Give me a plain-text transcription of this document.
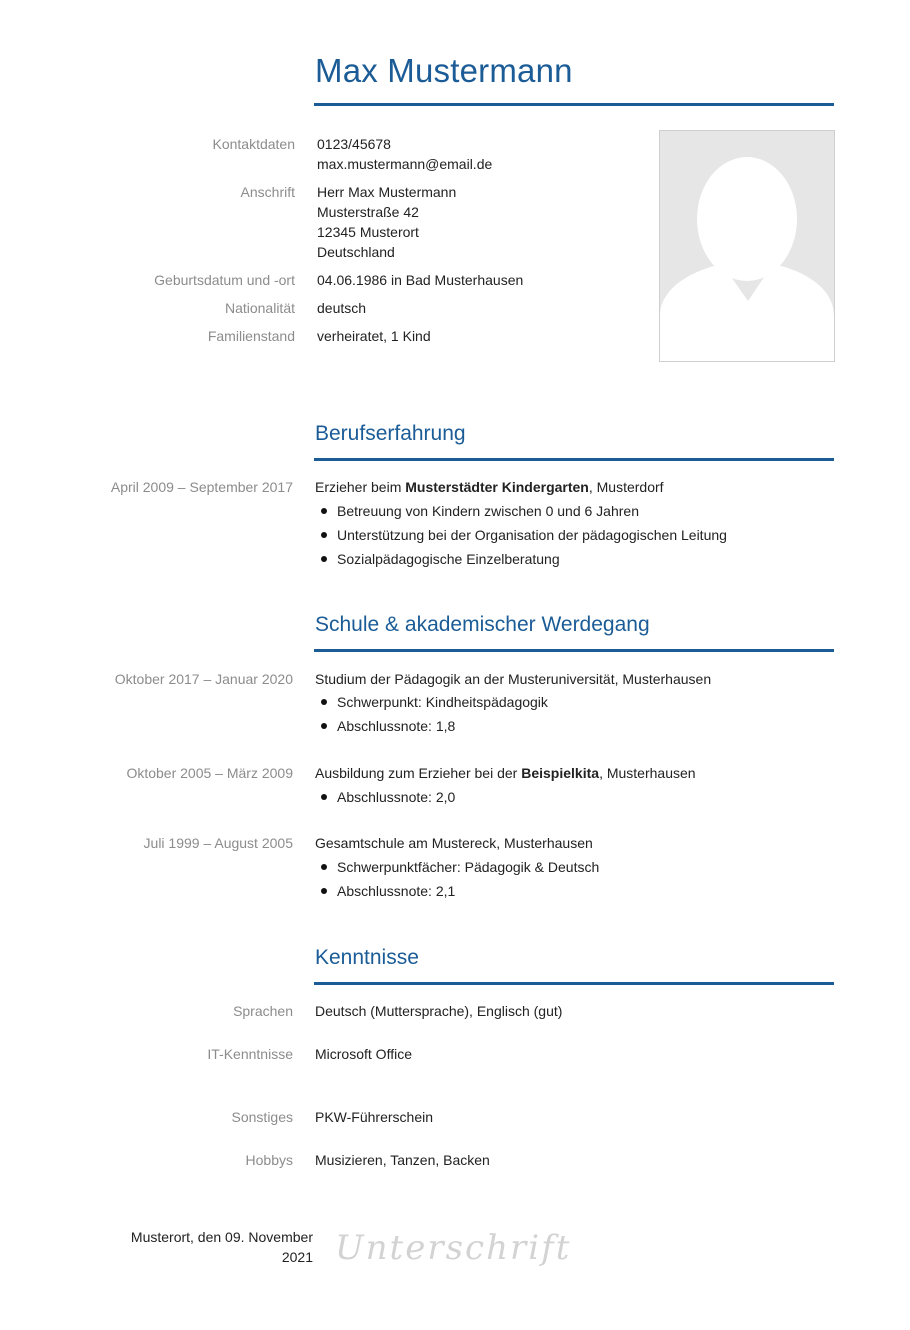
Max Mustermann
Kontaktdaten 0123/45678
max.mustermann@email.de
Anschrift Herr Max Mustermann
Musterstraße 42
12345 Musterort
Deutschland
Geburtsdatum und -ort 04.06.1986 in Bad Musterhausen
Nationalität deutsch
Familienstand verheiratet, 1 Kind
Berufserfahrung
April 2009 – September 2017 Erzieher beim Musterstädter Kindergarten, Musterdorf
Betreuung von Kindern zwischen 0 und 6 Jahren
Unterstützung bei der Organisation der pädagogischen Leitung
Sozialpädagogische Einzelberatung
Schule & akademischer Werdegang
Oktober 2017 – Januar 2020 Studium der Pädagogik an der Musteruniversität, Musterhausen
Schwerpunkt: Kindheitspädagogik
Abschlussnote: 1,8
Oktober 2005 – März 2009 Ausbildung zum Erzieher bei der Beispielkita, Musterhausen
Abschlussnote: 2,0
Juli 1999 – August 2005 Gesamtschule am Mustereck, Musterhausen
Schwerpunktfächer: Pädagogik & Deutsch
Abschlussnote: 2,1
Kenntnisse
Sprachen Deutsch (Muttersprache), Englisch (gut)
IT-Kenntnisse Microsoft Office
Sonstiges PKW-Führerschein
Hobbys Musizieren, Tanzen, Backen
Musterort, den 09. November
2021 Unterschrift
